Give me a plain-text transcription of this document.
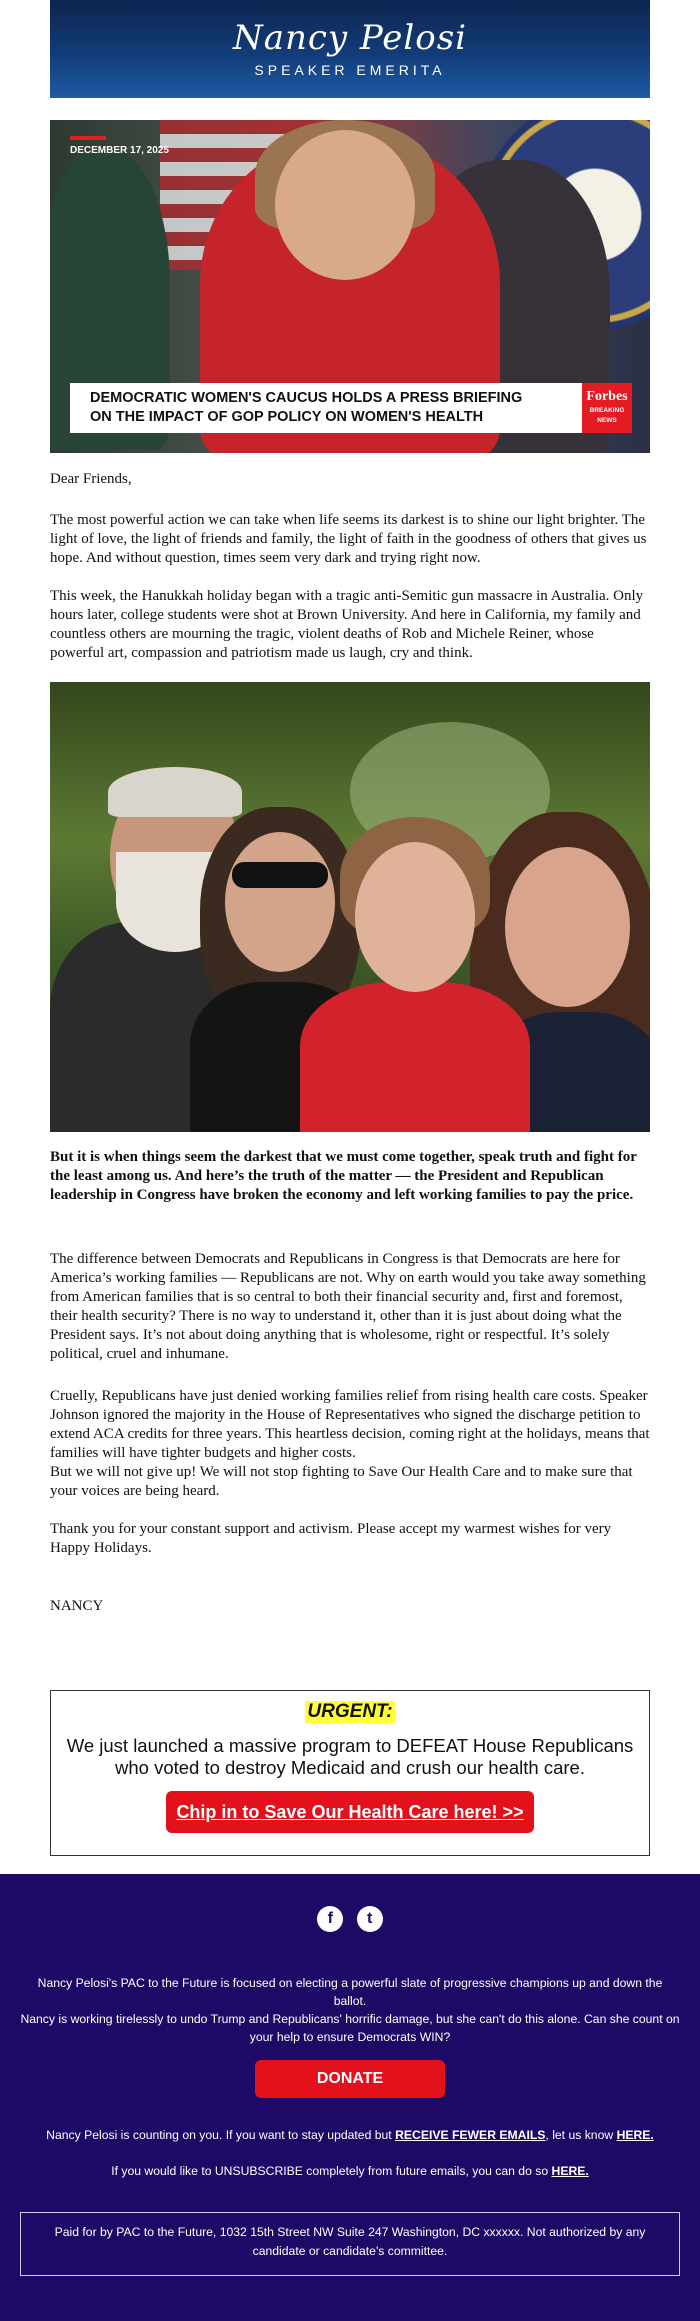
Nancy Pelosi
SPEAKER EMERITA
DECEMBER 17, 2025
DEMOCRATIC WOMEN'S CAUCUS HOLDS A PRESS BRIEFING
ON THE IMPACT OF GOP POLICY ON WOMEN'S HEALTH
Forbes
BREAKING
NEWS

Dear Friends,

The most powerful action we can take when life seems its darkest is to shine our light brighter. The light of love, the light of friends and family, the light of faith in the goodness of others that gives us hope. And without question, times seem very dark and trying right now.

This week, the Hanukkah holiday began with a tragic anti-Semitic gun massacre in Australia. Only hours later, college students were shot at Brown University. And here in California, my family and countless others are mourning the tragic, violent deaths of Rob and Michele Reiner, whose powerful art, compassion and patriotism made us laugh, cry and think.

But it is when things seem the darkest that we must come together, speak truth and fight for the least among us. And here’s the truth of the matter — the President and Republican leadership in Congress have broken the economy and left working families to pay the price.

The difference between Democrats and Republicans in Congress is that Democrats are here for America’s working families — Republicans are not. Why on earth would you take away something from American families that is so central to both their financial security and, first and foremost, their health security? There is no way to understand it, other than it is just about doing what the President says. It’s not about doing anything that is wholesome, right or respectful. It’s solely political, cruel and inhumane.

Cruelly, Republicans have just denied working families relief from rising health care costs. Speaker Johnson ignored the majority in the House of Representatives who signed the discharge petition to extend ACA credits for three years. This heartless decision, coming right at the holidays, means that families will have tighter budgets and higher costs.

But we will not give up! We will not stop fighting to Save Our Health Care and to make sure that your voices are being heard.

Thank you for your constant support and activism. Please accept my warmest wishes for very Happy Holidays.

NANCY

URGENT:
We just launched a massive program to DEFEAT House Republicans who voted to destroy Medicaid and crush our health care.
Chip in to Save Our Health Care here! >>
f t

Nancy Pelosi's PAC to the Future is focused on electing a powerful slate of progressive champions up and down the ballot.

Nancy is working tirelessly to undo Trump and Republicans' horrific damage, but she can't do this alone. Can she count on your help to ensure Democrats WIN?

DONATE

Nancy Pelosi is counting on you. If you want to stay updated but RECEIVE FEWER EMAILS, let us know HERE.

If you would like to UNSUBSCRIBE completely from future emails, you can do so HERE.

Paid for by PAC to the Future, 1032 15th Street NW Suite 247 Washington, DC xxxxxx. Not authorized by any candidate or candidate's committee.
